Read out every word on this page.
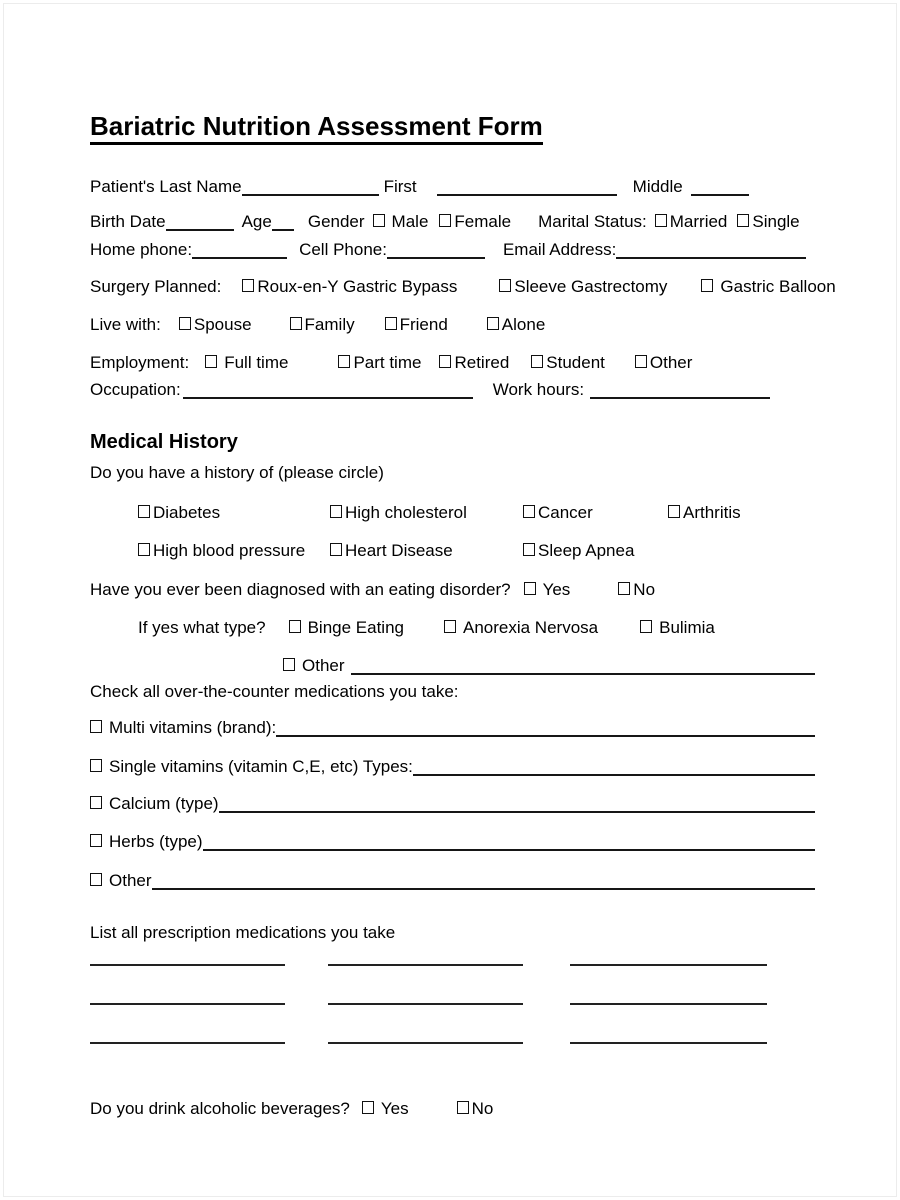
Bariatric Nutrition Assessment Form
Patient's Last Name	First	Middle
Birth Date	Age Gender Male Female Marital Status: Married Single
Home phone:	Cell Phone:	Email Address:
Surgery Planned: Roux-en-Y Gastric Bypass	Sleeve Gastrectomy	Gastric Balloon
Live with: Spouse	Family	Friend	Alone
Employment: Full time	Part time Retired Student	Other
Occupation:	Work hours:
Medical History
Do you have a history of (please circle)
Diabetes	High cholesterol	Cancer	Arthritis
High blood pressure Heart Disease	Sleep Apnea
Have you ever been diagnosed with an eating disorder? Yes	No
If yes what type? Binge Eating	Anorexia Nervosa	Bulimia
Other
Check all over-the-counter medications you take:
Multi vitamins (brand):
Single vitamins (vitamin C,E, etc) Types:
Calcium (type)
Herbs (type)
Other
List all prescription medications you take
Do you drink alcoholic beverages? Yes	No
